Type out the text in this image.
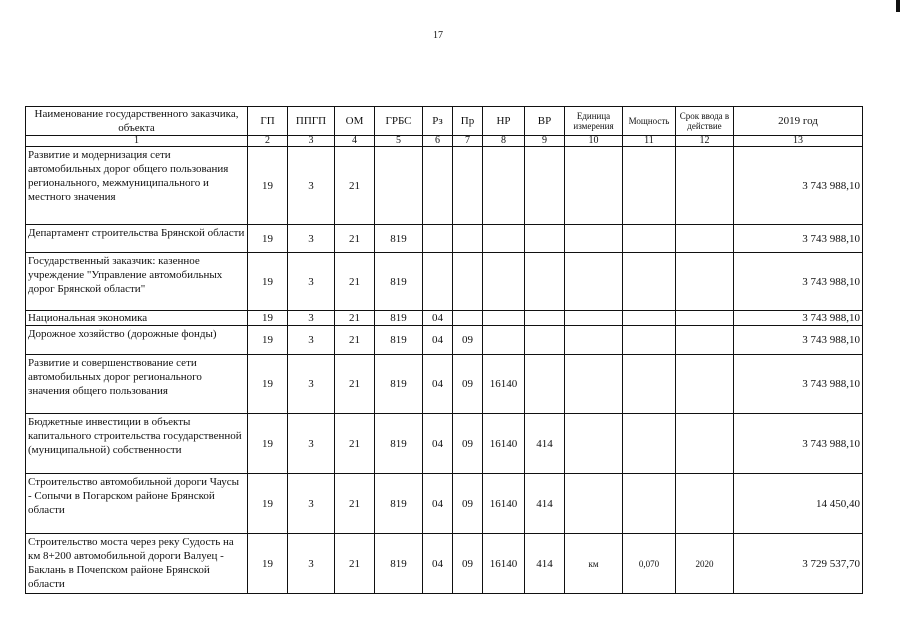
17
Наименование государственного заказчика, объекта	ГП	ППГП	ОМ	ГРБС	Рз	Пр	НР	ВР	Единица измерения	Мощность	Срок ввода в действие	2019 год
1	2	3	4	5	6	7	8	9	10	11	12	13
Развитие и модернизация сети автомобильных дорог общего пользования регионального, межмуниципального и местного значения	19	3	21									3 743 988,10
Департамент строительства Брянской области	19	3	21	819								3 743 988,10
Государственный заказчик: казенное учреждение "Управление автомобильных дорог Брянской области"	19	3	21	819								3 743 988,10
Национальная экономика	19	3	21	819	04							3 743 988,10
Дорожное хозяйство (дорожные фонды)	19	3	21	819	04	09						3 743 988,10
Развитие и совершенствование сети автомобильных дорог регионального значения общего пользования	19	3	21	819	04	09	16140					3 743 988,10
Бюджетные инвестиции в объекты капитального строительства государственной (муниципальной) собственности	19	3	21	819	04	09	16140	414				3 743 988,10
Строительство автомобильной дороги Чаусы - Сопычи в Погарском районе Брянской области	19	3	21	819	04	09	16140	414				14 450,40
Строительство моста через реку Судость на км 8+200 автомобильной дороги Валуец - Баклань в Почепском районе Брянской области	19	3	21	819	04	09	16140	414	км	0,070	2020	3 729 537,70
